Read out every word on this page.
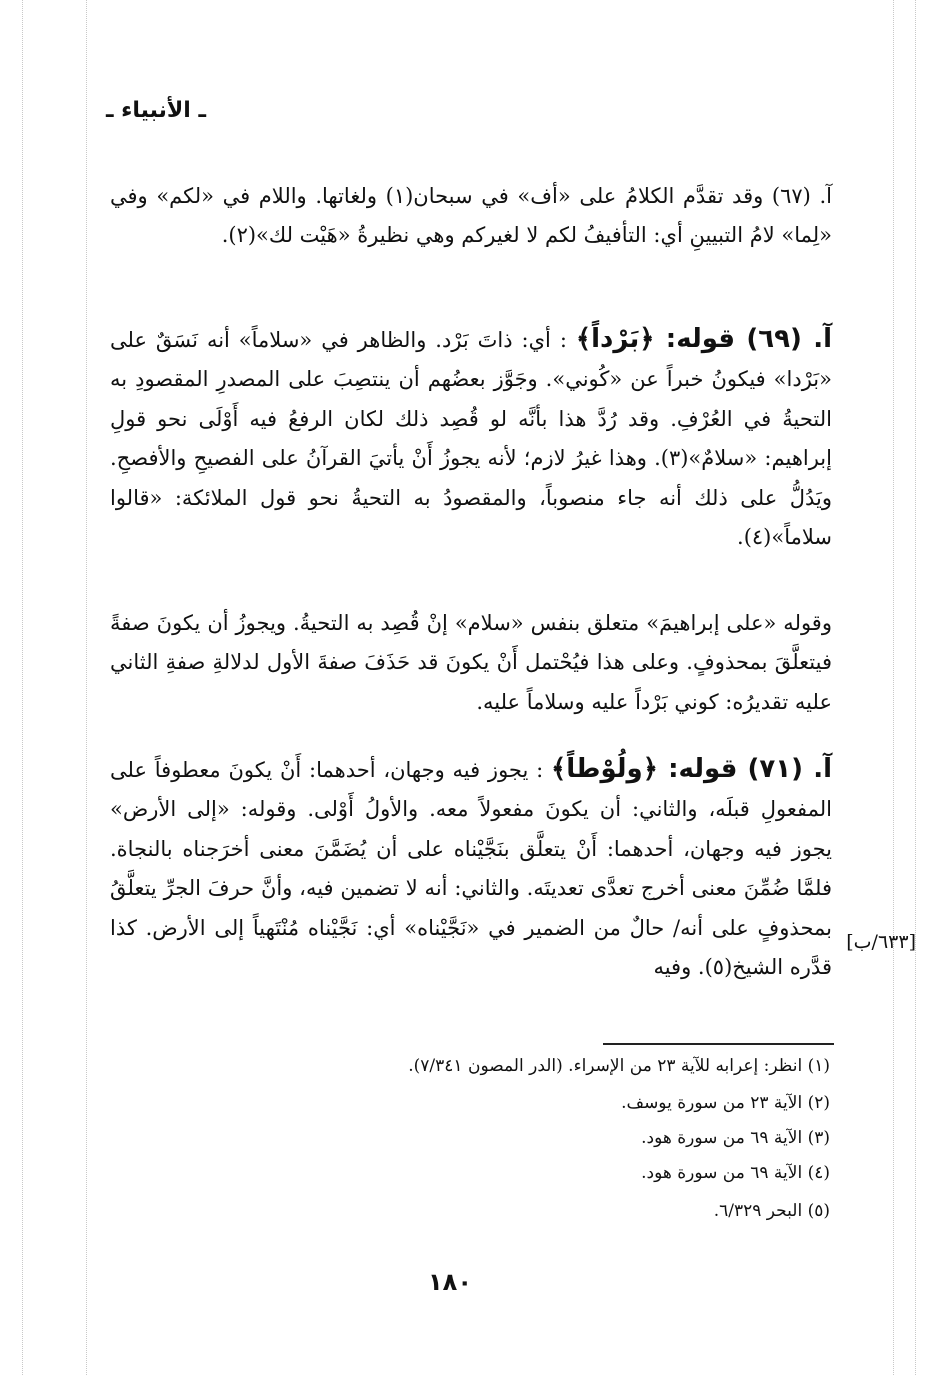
ـ الأنبياء ـ
آ. (٦٧) وقد تقدَّم الكلامُ على «أف» في سبحان(١) ولغاتها. واللام في «لكم» وفي «لِما» لامُ التبيينِ أي: التأفيفُ لكم لا لغيركم وهي نظيرةُ «هَيْت لك»(٢).
آ. (٦٩) قوله: ﴿بَرْداً﴾ : أي: ذاتَ بَرْد. والظاهر في «سلاماً» أنه نَسَقٌ على «بَرْدا» فيكونُ خبراً عن «كُوني». وجَوَّز بعضُهم أن ينتصِبَ على المصدرِ المقصودِ به التحيةُ في العُرْفِ. وقد رُدَّ هذا بأنَّه لو قُصِد ذلك لكان الرفعُ فيه أَوْلَى نحو قولِ إبراهيم: «سلامٌ»(٣). وهذا غيرُ لازم؛ لأنه يجوزُ أَنْ يأتيَ القرآنُ على الفصيحِ والأفصحِ. ويَدُلُّ على ذلك أنه جاء منصوباً، والمقصودُ به التحيةُ نحو قول الملائكة: «قالوا سلاماً»(٤).
وقوله «على إبراهيمَ» متعلق بنفس «سلام» إنْ قُصِد به التحيةُ. ويجوزُ أن يكونَ صفةً فيتعلَّقَ بمحذوفٍ. وعلى هذا فيُحْتمل أَنْ يكونَ قد حَذَفَ صفةَ الأول لدلالةِ صفةِ الثاني عليه تقديرُه: كوني بَرْداً عليه وسلاماً عليه.
آ. (٧١) قوله: ﴿ولُوْطاً﴾ : يجوز فيه وجهان، أحدهما: أَنْ يكونَ معطوفاً على المفعولِ قبلَه، والثاني: أن يكونَ مفعولاً معه. والأولُ أَوْلى. وقوله: «إلى الأرض» يجوز فيه وجهان، أحدهما: أَنْ يتعلَّق بنَجَّيْناه على أن يُضَمَّنَ معنى أخرَجناه بالنجاة. فلمَّا ضُمِّنَ معنى أخرج تعدَّى تعديتَه. والثاني: أنه لا تضمين فيه، وأنَّ حرفَ الجرِّ يتعلَّقُ بمحذوفٍ على أنه/ حالٌ من الضمير في «نَجَّيْناه» أي: نَجَّيْناه مُنْتَهياً إلى الأرض. كذا قدَّره الشيخ(٥). وفيه
[٦٣٣/ب]
(١) انظر: إعرابه للآية ٢٣ من الإسراء. (الدر المصون ٧/٣٤١).
(٢) الآية ٢٣ من سورة يوسف.
(٣) الآية ٦٩ من سورة هود.
(٤) الآية ٦٩ من سورة هود.
(٥) البحر ٦/٣٢٩.
١٨٠
